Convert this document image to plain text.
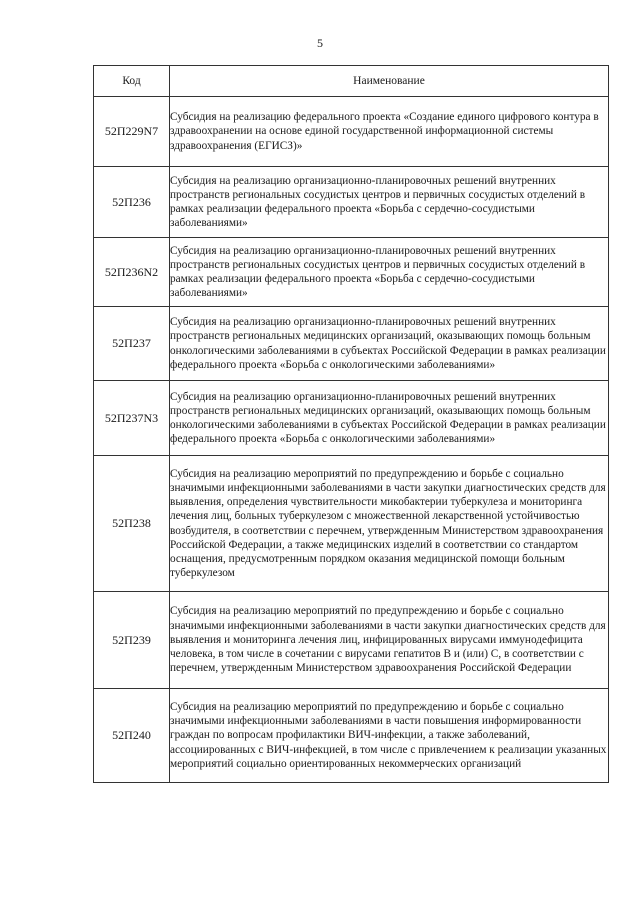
5
Код	Наименование
52П229N7	Субсидия на реализацию федерального проекта «Создание единого цифрового контура в здравоохранении на основе единой государственной информационной системы здравоохранения (ЕГИСЗ)»
52П236	Субсидия на реализацию организационно-планировочных решений внутренних пространств региональных сосудистых центров и первичных сосудистых отделений в рамках реализации федерального проекта «Борьба с сердечно-сосудистыми заболеваниями»
52П236N2	Субсидия на реализацию организационно-планировочных решений внутренних пространств региональных сосудистых центров и первичных сосудистых отделений в рамках реализации федерального проекта «Борьба с сердечно-сосудистыми заболеваниями»
52П237	Субсидия на реализацию организационно-планировочных решений внутренних пространств региональных медицинских организаций, оказывающих помощь больным онкологическими заболеваниями в субъектах Российской Федерации в рамках реализации федерального проекта «Борьба с онкологическими заболеваниями»
52П237N3	Субсидия на реализацию организационно-планировочных решений внутренних пространств региональных медицинских организаций, оказывающих помощь больным онкологическими заболеваниями в субъектах Российской Федерации в рамках реализации федерального проекта «Борьба с онкологическими заболеваниями»
52П238	Субсидия на реализацию мероприятий по предупреждению и борьбе с социально значимыми инфекционными заболеваниями в части закупки диагностических средств для выявления, определения чувствительности микобактерии туберкулеза и мониторинга лечения лиц, больных туберкулезом с множественной лекарственной устойчивостью возбудителя, в соответствии с перечнем, утвержденным Министерством здравоохранения Российской Федерации, а также медицинских изделий в соответствии со стандартом оснащения, предусмотренным порядком оказания медицинской помощи больным туберкулезом
52П239	Субсидия на реализацию мероприятий по предупреждению и борьбе с социально значимыми инфекционными заболеваниями в части закупки диагностических средств для выявления и мониторинга лечения лиц, инфицированных вирусами иммунодефицита человека, в том числе в сочетании с вирусами гепатитов В и (или) С, в соответствии с перечнем, утвержденным Министерством здравоохранения Российской Федерации
52П240	Субсидия на реализацию мероприятий по предупреждению и борьбе с социально значимыми инфекционными заболеваниями в части повышения информированности граждан по вопросам профилактики ВИЧ-инфекции, а также заболеваний, ассоциированных с ВИЧ-инфекцией, в том числе с привлечением к реализации указанных мероприятий социально ориентированных некоммерческих организаций
